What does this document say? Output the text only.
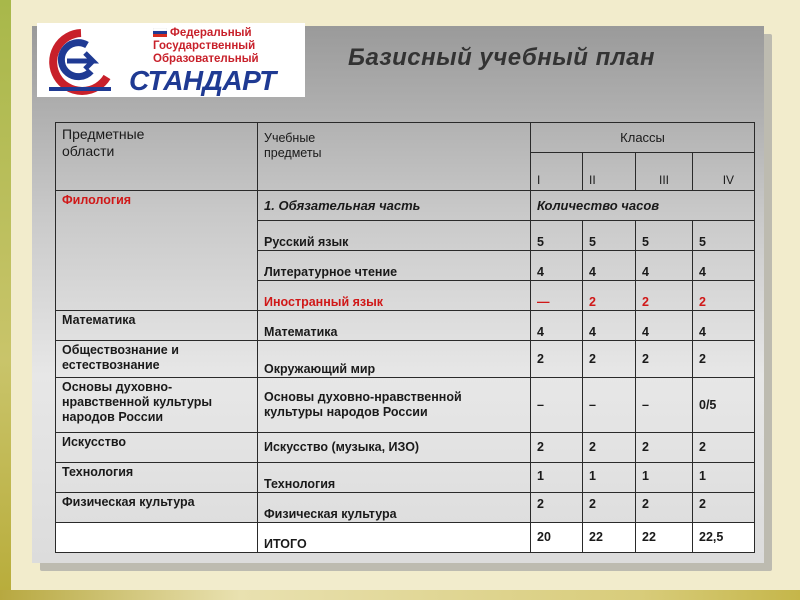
Федеральный
Государственный
Образовательный
СТАНДАРТ
Базисный учебный план
Предметные
области	Учебные
предметы	Классы			
		I	II	III	IV
Филология	1. Обязательная часть	Количество часов			
	Русский язык	5	5	5	5
	Литературное чтение	4	4	4	4
	Иностранный язык	—	2	2	2
Математика	Математика	4	4	4	4
Обществознание и
естествознание	Окружающий мир	2	2	2	2
Основы духовно-
нравственной культуры
народов России	Основы духовно-нравственной
культуры народов России	–	–	–	0/5
Искусство	Искусство (музыка, ИЗО)	2	2	2	2
Технология	Технология	1	1	1	1
Физическая культура	Физическая культура	2	2	2	2
	ИТОГО	20	22	22	22,5
